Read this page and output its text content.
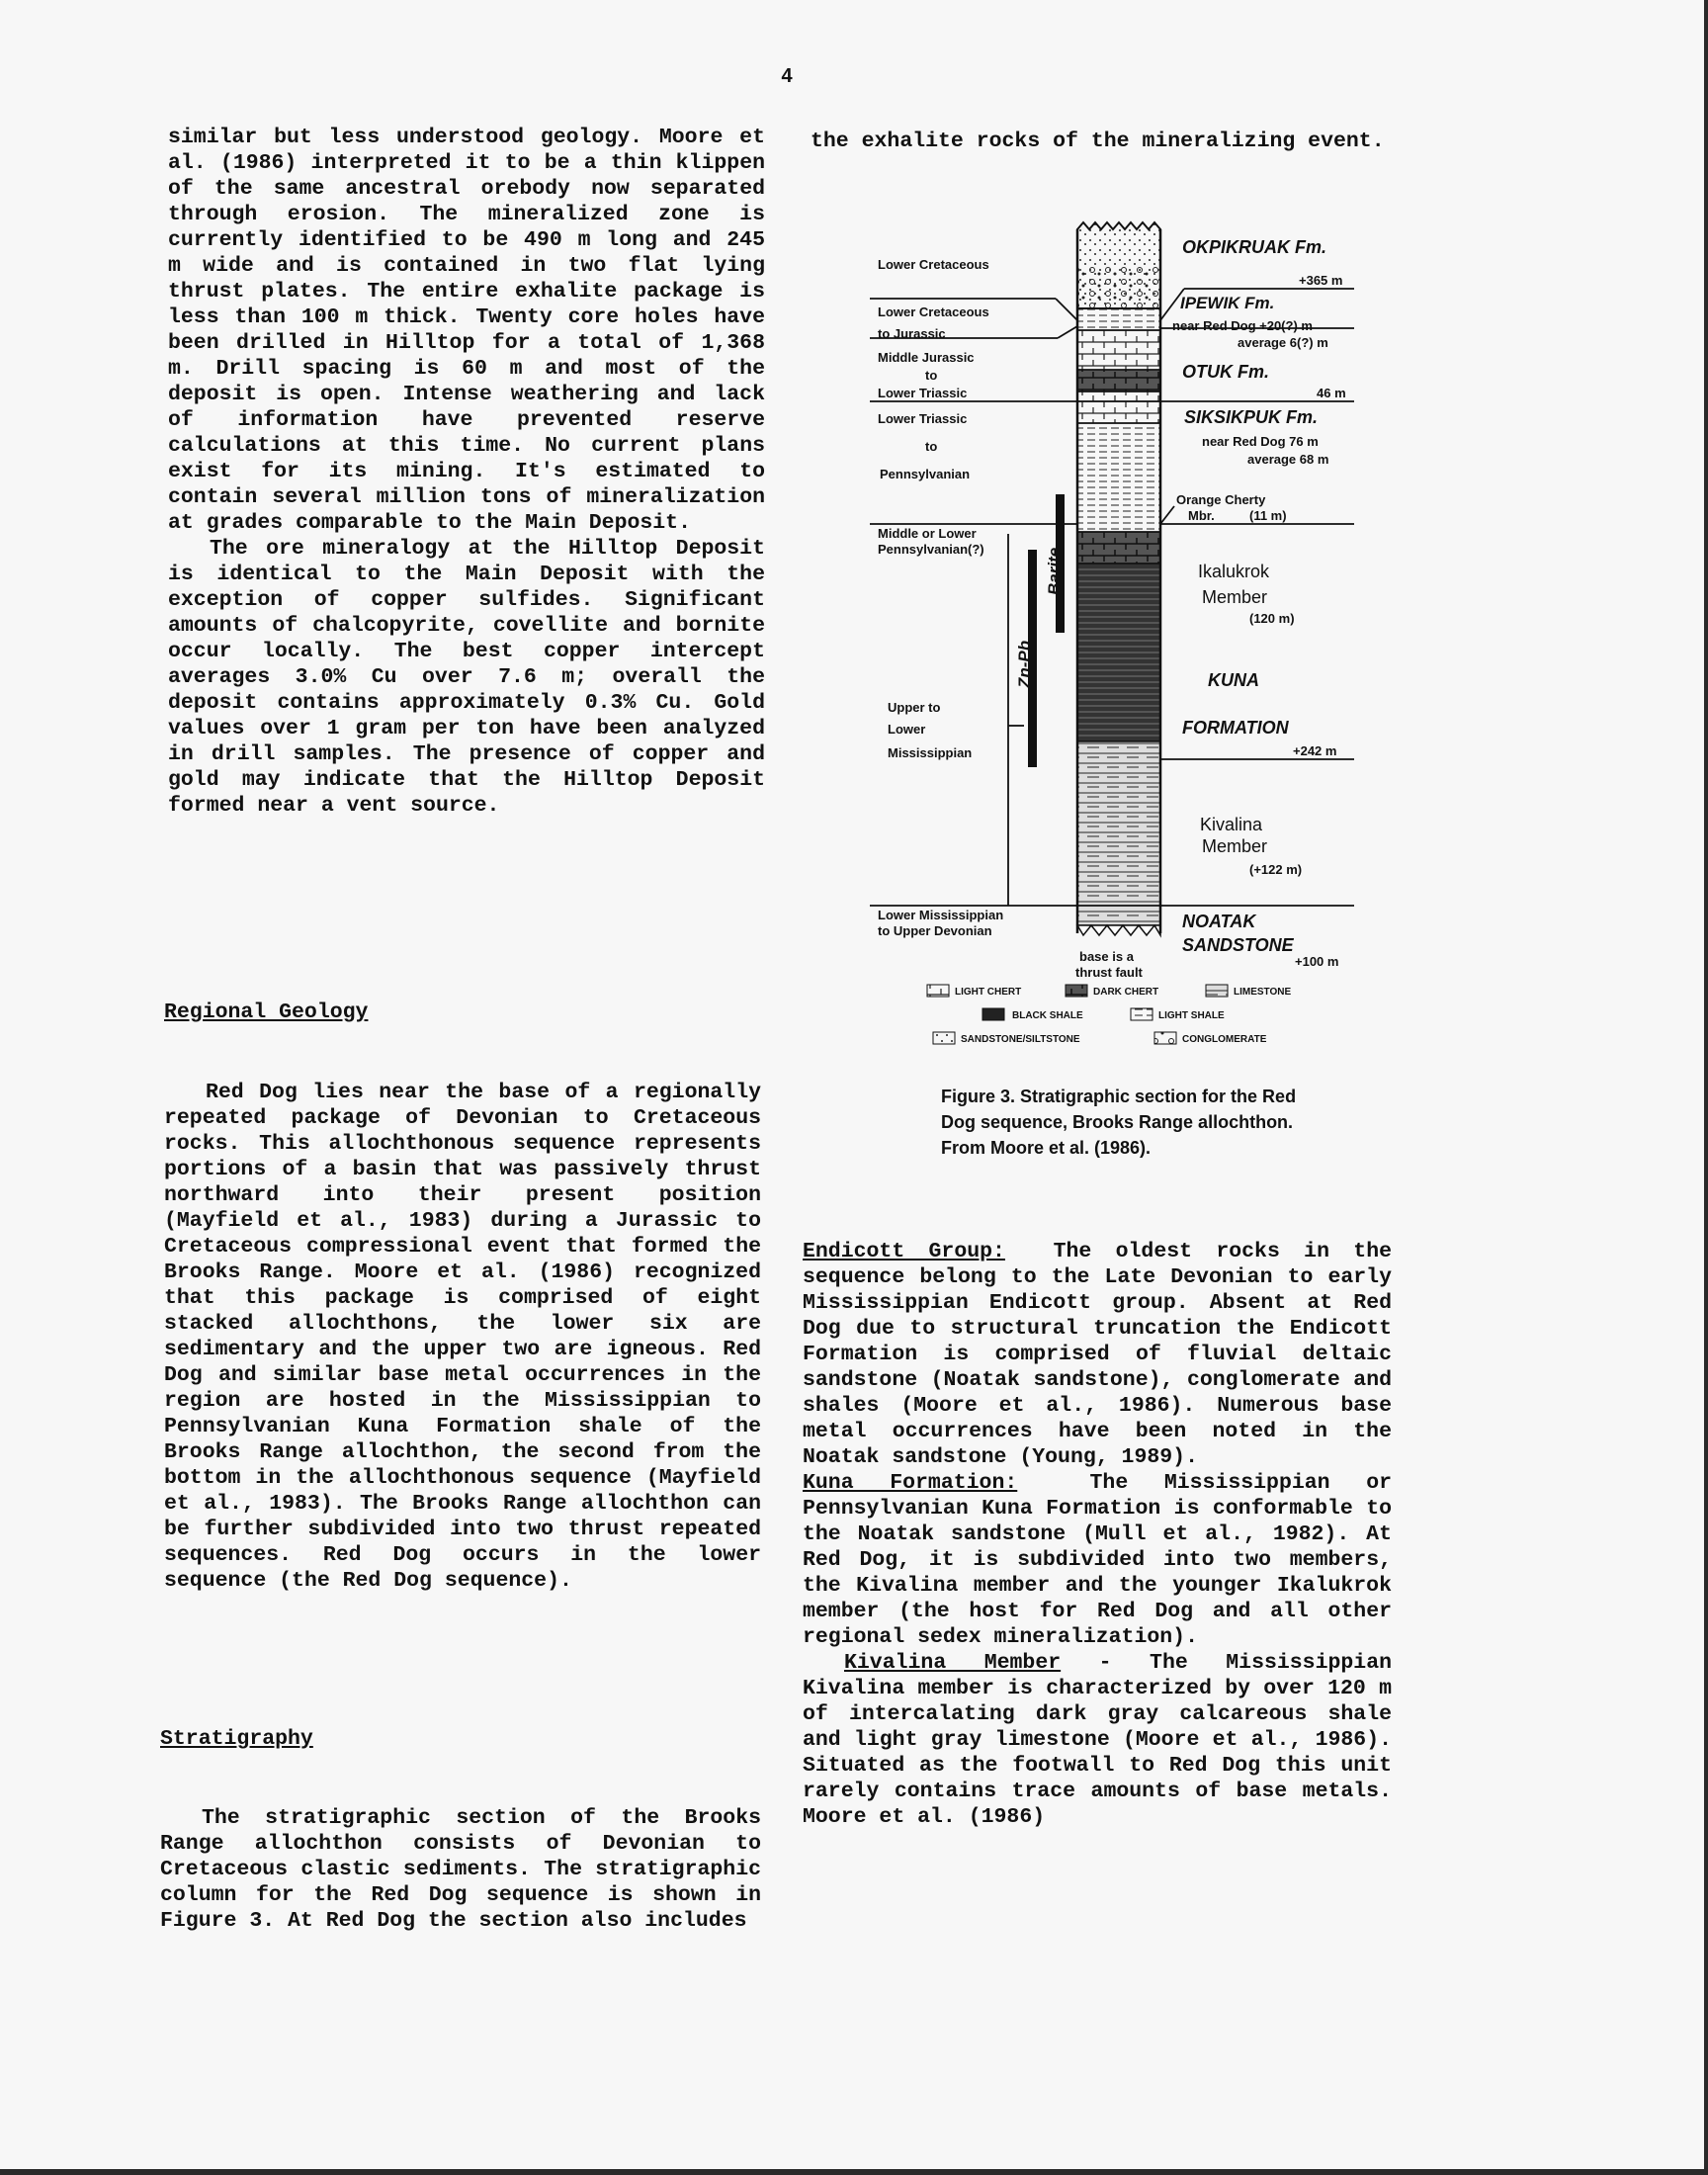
4

similar but less understood geology. Moore et al. (1986) interpreted it to be a thin klippen of the same ancestral orebody now separated through erosion. The mineralized zone is currently identified to be 490 m long and 245 m wide and is contained in two flat lying thrust plates. The entire exhalite package is less than 100 m thick. Twenty core holes have been drilled in Hilltop for a total of 1,368 m. Drill spacing is 60 m and most of the deposit is open. Intense weathering and lack of information have prevented reserve calculations at this time. No current plans exist for its mining. It's estimated to contain several million tons of mineralization at grades comparable to the Main Deposit.

The ore mineralogy at the Hilltop Deposit is identical to the Main Deposit with the exception of copper sulfides. Significant amounts of chalcopyrite, covellite and bornite occur locally. The best copper intercept averages 3.0% Cu over 7.6 m; overall the deposit contains approximately 0.3% Cu. Gold values over 1 gram per ton have been analyzed in drill samples. The presence of copper and gold may indicate that the Hilltop Deposit formed near a vent source.

Regional Geology

Red Dog lies near the base of a regionally repeated package of Devonian to Cretaceous rocks. This allochthonous sequence represents portions of a basin that was passively thrust northward into their present position (Mayfield et al., 1983) during a Jurassic to Cretaceous compressional event that formed the Brooks Range. Moore et al. (1986) recognized that this package is comprised of eight stacked allochthons, the lower six are sedimentary and the upper two are igneous. Red Dog and similar base metal occurrences in the region are hosted in the Mississippian to Pennsylvanian Kuna Formation shale of the Brooks Range allochthon, the second from the bottom in the allochthonous sequence (Mayfield et al., 1983). The Brooks Range allochthon can be further subdivided into two thrust repeated sequences. Red Dog occurs in the lower sequence (the Red Dog sequence).

Stratigraphy

The stratigraphic section of the Brooks Range allochthon consists of Devonian to Cretaceous clastic sediments. The stratigraphic column for the Red Dog sequence is shown in Figure 3. At Red Dog the section also includes

the exhalite rocks of the mineralizing event.

Barite
Zn-Pb
Lower Cretaceous
Lower Cretaceous
to Jurassic
Middle Jurassic
to
Lower Triassic
Lower Triassic
to
Pennsylvanian
Middle or Lower
Pennsylvanian(?)
Upper to
Lower
Mississippian
Lower Mississippian
to Upper Devonian
OKPIKRUAK Fm.
+365 m
IPEWIK Fm.
near Red Dog +20(?) m
average 6(?) m
OTUK Fm.
46 m
SIKSIKPUK Fm.
near Red Dog 76 m
average 68 m
Orange Cherty
Mbr.	(11 m)
Ikalukrok
Member
(120 m)
KUNA
FORMATION
+242 m
Kivalina
Member
(+122 m)
NOATAK
SANDSTONE
+100 m
base is a
thrust fault
LIGHT CHERT	DARK CHERT	LIMESTONE
BLACK SHALE	LIGHT SHALE
SANDSTONE/SILTSTONE	CONGLOMERATE
Figure 3. Stratigraphic section for the Red Dog sequence, Brooks Range allochthon. From Moore et al. (1986).

Endicott Group: The oldest rocks in the sequence belong to the Late Devonian to early Mississippian Endicott group. Absent at Red Dog due to structural truncation the Endicott Formation is comprised of fluvial deltaic sandstone (Noatak sandstone), conglomerate and shales (Moore et al., 1986). Numerous base metal occurrences have been noted in the Noatak sandstone (Young, 1989).

Kuna Formation:	The Mississippian or Pennsylvanian Kuna Formation is conformable to the Noatak sandstone (Mull et al., 1982). At Red Dog, it is subdivided into two members, the Kivalina member and the younger Ikalukrok member (the host for Red Dog and all other regional sedex mineralization).

Kivalina Member - The Mississippian Kivalina member is characterized by over 120 m of intercalating dark gray calcareous shale and light gray limestone (Moore et al., 1986). Situated as the footwall to Red Dog this unit rarely contains trace amounts of base metals. Moore et al. (1986)
